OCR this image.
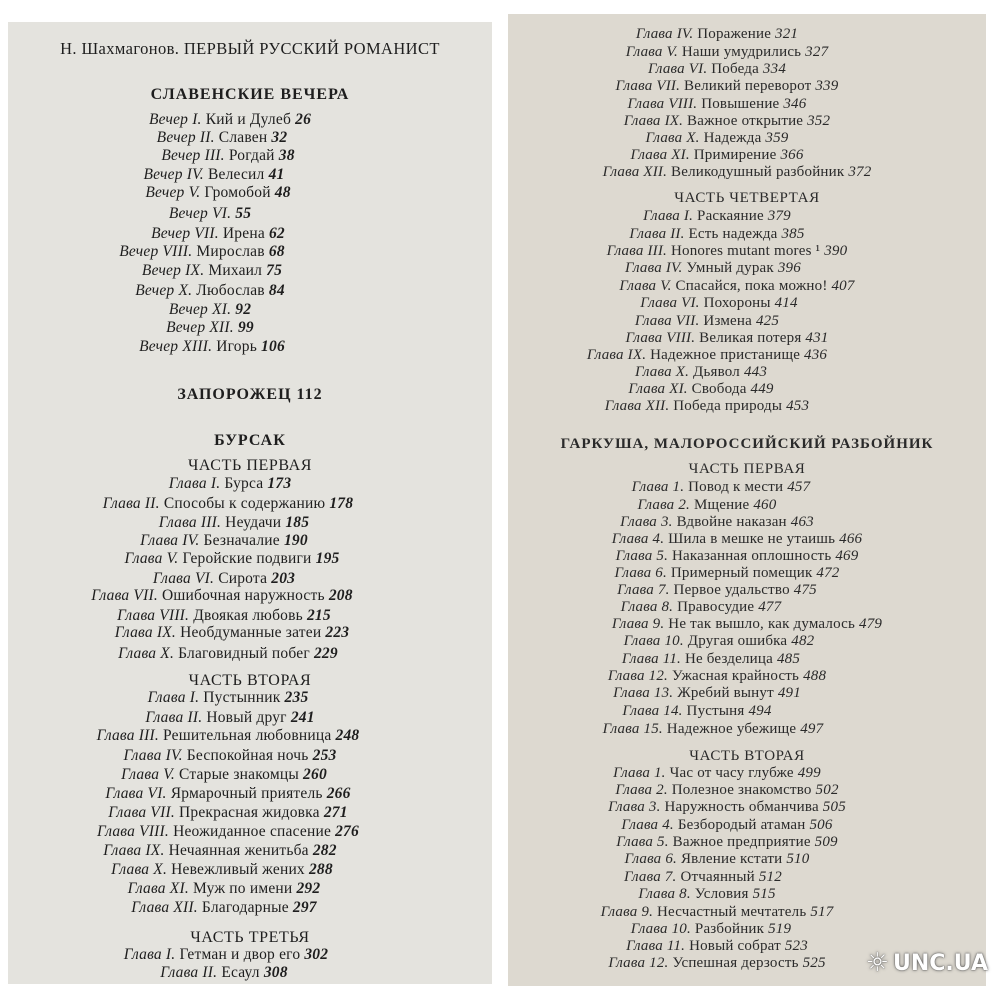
Н. Шахмагонов. ПЕРВЫЙ РУССКИЙ РОМАНИСТ
СЛАВЕНСКИЕ ВЕЧЕРА
Вечер I. Кий и Дулеб 26
Вечер II. Славен 32
Вечер III. Рогдай 38
Вечер IV. Велесил 41
Вечер V. Громобой 48
Вечер VI. 55
Вечер VII. Ирена 62
Вечер VIII. Мирослав 68
Вечер IX. Михаил 75
Вечер X. Любослав 84
Вечер XI. 92
Вечер XII. 99
Вечер XIII. Игорь 106
ЗАПОРОЖЕЦ 112
БУРСАК
ЧАСТЬ ПЕРВАЯ
Глава I. Бурса 173
Глава II. Способы к содержанию 178
Глава III. Неудачи 185
Глава IV. Безначалие 190
Глава V. Геройские подвиги 195
Глава VI. Сирота 203
Глава VII. Ошибочная наружность 208
Глава VIII. Двоякая любовь 215
Глава IX. Необдуманные затеи 223
Глава X. Благовидный побег 229
ЧАСТЬ ВТОРАЯ
Глава I. Пустынник 235
Глава II. Новый друг 241
Глава III. Решительная любовница 248
Глава IV. Беспокойная ночь 253
Глава V. Старые знакомцы 260
Глава VI. Ярмарочный приятель 266
Глава VII. Прекрасная жидовка 271
Глава VIII. Неожиданное спасение 276
Глава IX. Нечаянная женитьба 282
Глава X. Невежливый жених 288
Глава XI. Муж по имени 292
Глава XII. Благодарные 297
ЧАСТЬ ТРЕТЬЯ
Глава I. Гетман и двор его 302
Глава II. Есаул 308
Глава IV. Поражение 321
Глава V. Наши умудрились 327
Глава VI. Победа 334
Глава VII. Великий переворот 339
Глава VIII. Повышение 346
Глава IX. Важное открытие 352
Глава X. Надежда 359
Глава XI. Примирение 366
Глава XII. Великодушный разбойник 372
ЧАСТЬ ЧЕТВЕРТАЯ
Глава I. Раскаяние 379
Глава II. Есть надежда 385
Глава III. Honores mutant mores ¹ 390
Глава IV. Умный дурак 396
Глава V. Спасайся, пока можно! 407
Глава VI. Похороны 414
Глава VII. Измена 425
Глава VIII. Великая потеря 431
Глава IX. Надежное пристанище 436
Глава X. Дьявол 443
Глава XI. Свобода 449
Глава XII. Победа природы 453
ГАРКУША, МАЛОРОССИЙСКИЙ РАЗБОЙНИК
ЧАСТЬ ПЕРВАЯ
Глава 1. Повод к мести 457
Глава 2. Мщение 460
Глава 3. Вдвойне наказан 463
Глава 4. Шила в мешке не утаишь 466
Глава 5. Наказанная оплошность 469
Глава 6. Примерный помещик 472
Глава 7. Первое удальство 475
Глава 8. Правосудие 477
Глава 9. Не так вышло, как думалось 479
Глава 10. Другая ошибка 482
Глава 11. Не безделица 485
Глава 12. Ужасная крайность 488
Глава 13. Жребий вынут 491
Глава 14. Пустыня 494
Глава 15. Надежное убежище 497
ЧАСТЬ ВТОРАЯ
Глава 1. Час от часу глубже 499
Глава 2. Полезное знакомство 502
Глава 3. Наружность обманчива 505
Глава 4. Безбородый атаман 506
Глава 5. Важное предприятие 509
Глава 6. Явление кстати 510
Глава 7. Отчаянный 512
Глава 8. Условия 515
Глава 9. Несчастный мечтатель 517
Глава 10. Разбойник 519
Глава 11. Новый собрат 523
Глава 12. Успешная дерзость 525	☼ UNC.UA
